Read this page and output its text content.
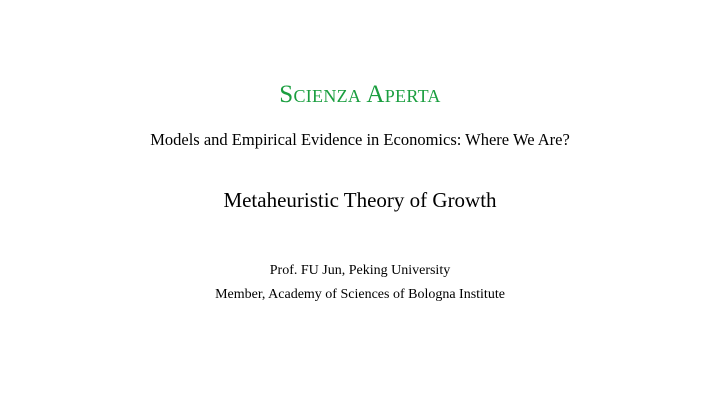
Scienza Aperta
Models and Empirical Evidence in Economics: Where We Are?
Metaheuristic Theory of Growth
Prof. FU Jun, Peking University
Member, Academy of Sciences of Bologna Institute
